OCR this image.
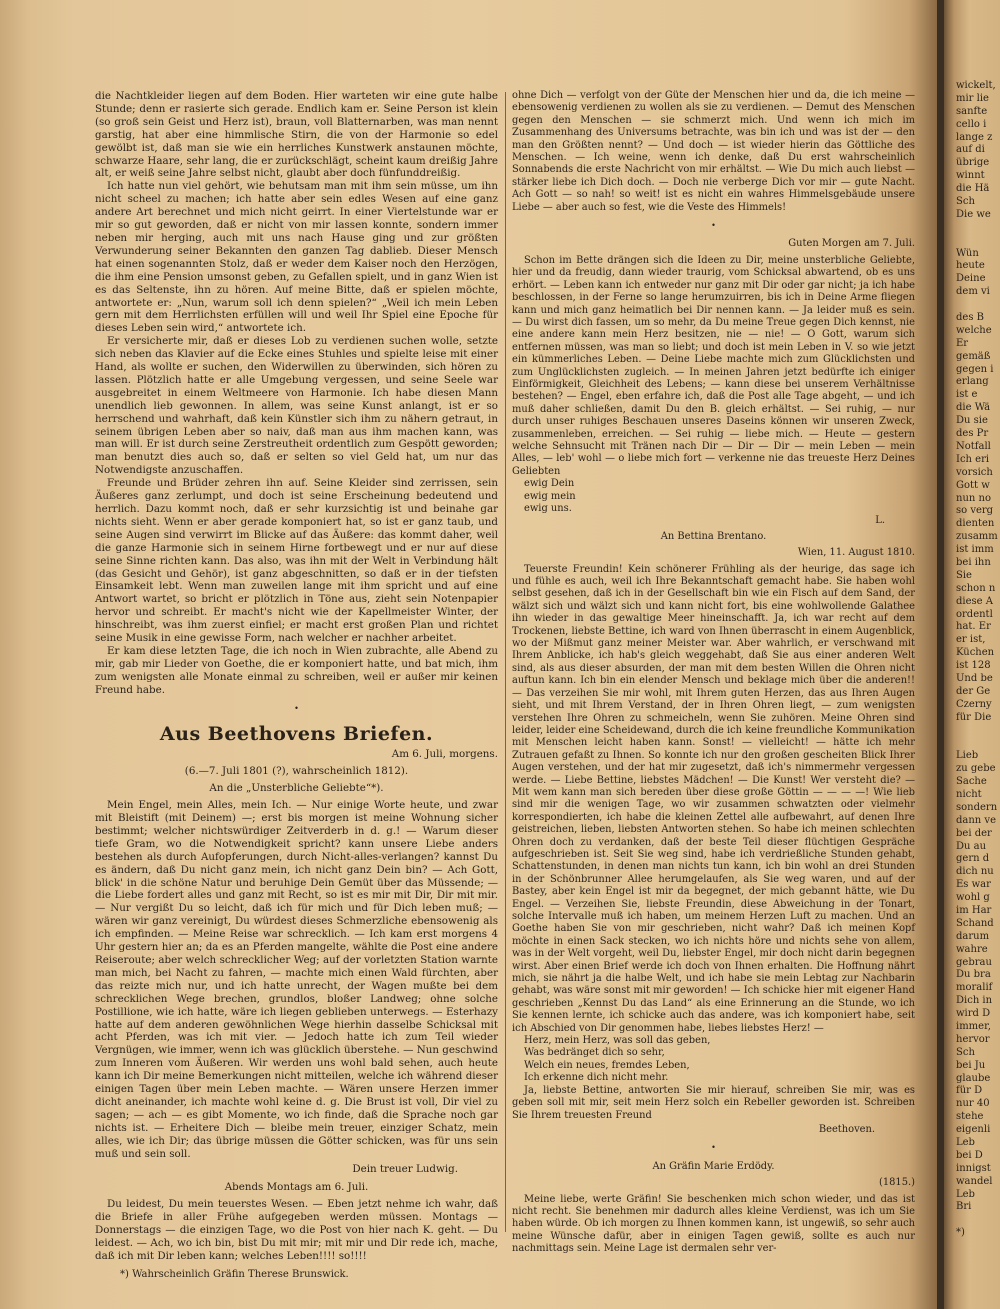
die Nachtkleider liegen auf dem Boden. Hier warteten wir eine gute halbe Stunde; denn er rasierte sich gerade. Endlich kam er. Seine Person ist klein (so groß sein Geist und Herz ist), braun, voll Blatternarben, was man nennt garstig, hat aber eine himmlische Stirn, die von der Harmonie so edel gewölbt ist, daß man sie wie ein herrliches Kunstwerk anstaunen möchte, schwarze Haare, sehr lang, die er zurückschlägt, scheint kaum dreißig Jahre alt, er weiß seine Jahre selbst nicht, glaubt aber doch fünfunddreißig.

Ich hatte nun viel gehört, wie behutsam man mit ihm sein müsse, um ihn nicht scheel zu machen; ich hatte aber sein edles Wesen auf eine ganz andere Art berechnet und mich nicht geirrt. In einer Viertelstunde war er mir so gut geworden, daß er nicht von mir lassen konnte, sondern immer neben mir herging, auch mit uns nach Hause ging und zur größten Verwunderung seiner Bekannten den ganzen Tag dablieb. Dieser Mensch hat einen sogenannten Stolz, daß er weder dem Kaiser noch den Herzögen, die ihm eine Pension umsonst geben, zu Gefallen spielt, und in ganz Wien ist es das Seltenste, ihn zu hören. Auf meine Bitte, daß er spielen möchte, antwortete er: „Nun, warum soll ich denn spielen?“ „Weil ich mein Leben gern mit dem Herrlichsten erfüllen will und weil Ihr Spiel eine Epoche für dieses Leben sein wird,“ antwortete ich.

Er versicherte mir, daß er dieses Lob zu verdienen suchen wolle, setzte sich neben das Klavier auf die Ecke eines Stuhles und spielte leise mit einer Hand, als wollte er suchen, den Widerwillen zu überwinden, sich hören zu lassen. Plötzlich hatte er alle Umgebung vergessen, und seine Seele war ausgebreitet in einem Weltmeere von Harmonie. Ich habe diesen Mann unendlich lieb gewonnen. In allem, was seine Kunst anlangt, ist er so herrschend und wahrhaft, daß kein Künstler sich ihm zu nähern getraut, in seinem übrigen Leben aber so naiv, daß man aus ihm machen kann, was man will. Er ist durch seine Zerstreutheit ordentlich zum Gespött geworden; man benutzt dies auch so, daß er selten so viel Geld hat, um nur das Notwendigste anzuschaffen.

Freunde und Brüder zehren ihn auf. Seine Kleider sind zerrissen, sein Äußeres ganz zerlumpt, und doch ist seine Erscheinung bedeutend und herrlich. Dazu kommt noch, daß er sehr kurzsichtig ist und beinahe gar nichts sieht. Wenn er aber gerade komponiert hat, so ist er ganz taub, und seine Augen sind verwirrt im Blicke auf das Äußere: das kommt daher, weil die ganze Harmonie sich in seinem Hirne fortbewegt und er nur auf diese seine Sinne richten kann. Das also, was ihn mit der Welt in Verbindung hält (das Gesicht und Gehör), ist ganz abgeschnitten, so daß er in der tiefsten Einsamkeit lebt. Wenn man zuweilen lange mit ihm spricht und auf eine Antwort wartet, so bricht er plötzlich in Töne aus, zieht sein Notenpapier hervor und schreibt. Er macht's nicht wie der Kapellmeister Winter, der hinschreibt, was ihm zuerst einfiel; er macht erst großen Plan und richtet seine Musik in eine gewisse Form, nach welcher er nachher arbeitet.

Er kam diese letzten Tage, die ich noch in Wien zubrachte, alle Abend zu mir, gab mir Lieder von Goethe, die er komponiert hatte, und bat mich, ihm zum wenigsten alle Monate einmal zu schreiben, weil er außer mir keinen Freund habe.

•
Aus Beethovens Briefen.
Am 6. Juli, morgens.
(6.—7. Juli 1801 (?), wahrscheinlich 1812).
An die „Unsterbliche Geliebte“*).

Mein Engel, mein Alles, mein Ich. — Nur einige Worte heute, und zwar mit Bleistift (mit Deinem) —; erst bis morgen ist meine Wohnung sicher bestimmt; welcher nichtswürdiger Zeitverderb in d. g.! — Warum dieser tiefe Gram, wo die Notwendigkeit spricht? kann unsere Liebe anders bestehen als durch Aufopferungen, durch Nicht-alles-verlangen? kannst Du es ändern, daß Du nicht ganz mein, ich nicht ganz Dein bin? — Ach Gott, blick' in die schöne Natur und beruhige Dein Gemüt über das Müssende; — die Liebe fordert alles und ganz mit Recht, so ist es mir mit Dir, Dir mit mir. — Nur vergißt Du so leicht, daß ich für mich und für Dich leben muß; — wären wir ganz vereinigt, Du würdest dieses Schmerzliche ebensowenig als ich empfinden. — Meine Reise war schrecklich. — Ich kam erst morgens 4 Uhr gestern hier an; da es an Pferden mangelte, wählte die Post eine andere Reiseroute; aber welch schrecklicher Weg; auf der vorletzten Station warnte man mich, bei Nacht zu fahren, — machte mich einen Wald fürchten, aber das reizte mich nur, und ich hatte unrecht, der Wagen mußte bei dem schrecklichen Wege brechen, grundlos, bloßer Landweg; ohne solche Postillione, wie ich hatte, wäre ich liegen geblieben unterwegs. — Esterhazy hatte auf dem anderen gewöhnlichen Wege hierhin dasselbe Schicksal mit acht Pferden, was ich mit vier. — Jedoch hatte ich zum Teil wieder Vergnügen, wie immer, wenn ich was glücklich überstehe. — Nun geschwind zum Inneren vom Äußeren. Wir werden uns wohl bald sehen, auch heute kann ich Dir meine Bemerkungen nicht mitteilen, welche ich während dieser einigen Tagen über mein Leben machte. — Wären unsere Herzen immer dicht aneinander, ich machte wohl keine d. g. Die Brust ist voll, Dir viel zu sagen; — ach — es gibt Momente, wo ich finde, daß die Sprache noch gar nichts ist. — Erheitere Dich — bleibe mein treuer, einziger Schatz, mein alles, wie ich Dir; das übrige müssen die Götter schicken, was für uns sein muß und sein soll.

Dein treuer Ludwig.
Abends Montags am 6. Juli.

Du leidest, Du mein teuerstes Wesen. — Eben jetzt nehme ich wahr, daß die Briefe in aller Frühe aufgegeben werden müssen. Montags — Donnerstags — die einzigen Tage, wo die Post von hier nach K. geht. — Du leidest. — Ach, wo ich bin, bist Du mit mir; mit mir und Dir rede ich, mache, daß ich mit Dir leben kann; welches Leben!!!! so!!!!

*) Wahrscheinlich Gräfin Therese Brunswick.

ohne Dich — verfolgt von der Güte der Menschen hier und da, die ich meine — ebensowenig verdienen zu wollen als sie zu verdienen. — Demut des Menschen gegen den Menschen — sie schmerzt mich. Und wenn ich mich im Zusammenhang des Universums betrachte, was bin ich und was ist der — den man den Größten nennt? — Und doch — ist wieder hierin das Göttliche des Menschen. — Ich weine, wenn ich denke, daß Du erst wahrscheinlich Sonnabends die erste Nachricht von mir erhältst. — Wie Du mich auch liebst — stärker liebe ich Dich doch. — Doch nie verberge Dich vor mir — gute Nacht. Ach Gott — so nah! so weit! ist es nicht ein wahres Himmelsgebäude unsere Liebe — aber auch so fest, wie die Veste des Himmels!

•
Guten Morgen am 7. Juli.

Schon im Bette drängen sich die Ideen zu Dir, meine unsterbliche Geliebte, hier und da freudig, dann wieder traurig, vom Schicksal abwartend, ob es uns erhört. — Leben kann ich entweder nur ganz mit Dir oder gar nicht; ja ich habe beschlossen, in der Ferne so lange herumzuirren, bis ich in Deine Arme fliegen kann und mich ganz heimatlich bei Dir nennen kann. — Ja leider muß es sein. — Du wirst dich fassen, um so mehr, da Du meine Treue gegen Dich kennst, nie eine andere kann mein Herz besitzen, nie — nie! — O Gott, warum sich entfernen müssen, was man so liebt; und doch ist mein Leben in V. so wie jetzt ein kümmerliches Leben. — Deine Liebe machte mich zum Glücklichsten und zum Unglücklichsten zugleich. — In meinen Jahren jetzt bedürfte ich einiger Einförmigkeit, Gleichheit des Lebens; — kann diese bei unserem Verhältnisse bestehen? — Engel, eben erfahre ich, daß die Post alle Tage abgeht, — und ich muß daher schließen, damit Du den B. gleich erhältst. — Sei ruhig, — nur durch unser ruhiges Beschauen unseres Daseins können wir unseren Zweck, zusammenleben, erreichen. — Sei ruhig — liebe mich. — Heute — gestern welche Sehnsucht mit Tränen nach Dir — Dir — Dir — mein Leben — mein Alles, — leb' wohl — o liebe mich fort — verkenne nie das treueste Herz Deines Geliebten

ewig Dein

ewig mein

ewig uns.

L.
An Bettina Brentano.
Wien, 11. August 1810.

Teuerste Freundin! Kein schönerer Frühling als der heurige, das sage ich und fühle es auch, weil ich Ihre Bekanntschaft gemacht habe. Sie haben wohl selbst gesehen, daß ich in der Gesellschaft bin wie ein Fisch auf dem Sand, der wälzt sich und wälzt sich und kann nicht fort, bis eine wohlwollende Galathee ihn wieder in das gewaltige Meer hineinschafft. Ja, ich war recht auf dem Trockenen, liebste Bettine, ich ward von Ihnen überrascht in einem Augenblick, wo der Mißmut ganz meiner Meister war. Aber wahrlich, er verschwand mit Ihrem Anblicke, ich hab's gleich weggehabt, daß Sie aus einer anderen Welt sind, als aus dieser absurden, der man mit dem besten Willen die Ohren nicht auftun kann. Ich bin ein elender Mensch und beklage mich über die anderen!! — Das verzeihen Sie mir wohl, mit Ihrem guten Herzen, das aus Ihren Augen sieht, und mit Ihrem Verstand, der in Ihren Ohren liegt, — zum wenigsten verstehen Ihre Ohren zu schmeicheln, wenn Sie zuhören. Meine Ohren sind leider, leider eine Scheidewand, durch die ich keine freundliche Kommunikation mit Menschen leicht haben kann. Sonst! — vielleicht! — hätte ich mehr Zutrauen gefaßt zu Ihnen. So konnte ich nur den großen gescheiten Blick Ihrer Augen verstehen, und der hat mir zugesetzt, daß ich's nimmermehr vergessen werde. — Liebe Bettine, liebstes Mädchen! — Die Kunst! Wer versteht die? — Mit wem kann man sich bereden über diese große Göttin — — — —! Wie lieb sind mir die wenigen Tage, wo wir zusammen schwatzten oder vielmehr korrespondierten, ich habe die kleinen Zettel alle aufbewahrt, auf denen Ihre geistreichen, lieben, liebsten Antworten stehen. So habe ich meinen schlechten Ohren doch zu verdanken, daß der beste Teil dieser flüchtigen Gespräche aufgeschrieben ist. Seit Sie weg sind, habe ich verdrießliche Stunden gehabt, Schattenstunden, in denen man nichts tun kann, ich bin wohl an drei Stunden in der Schönbrunner Allee herumgelaufen, als Sie weg waren, und auf der Bastey, aber kein Engel ist mir da begegnet, der mich gebannt hätte, wie Du Engel. — Verzeihen Sie, liebste Freundin, diese Abweichung in der Tonart, solche Intervalle muß ich haben, um meinem Herzen Luft zu machen. Und an Goethe haben Sie von mir geschrieben, nicht wahr? Daß ich meinen Kopf möchte in einen Sack stecken, wo ich nichts höre und nichts sehe von allem, was in der Welt vorgeht, weil Du, liebster Engel, mir doch nicht darin begegnen wirst. Aber einen Brief werde ich doch von Ihnen erhalten. Die Hoffnung nährt mich, sie nährt ja die halbe Welt, und ich habe sie mein Lebtag zur Nachbarin gehabt, was wäre sonst mit mir geworden! — Ich schicke hier mit eigener Hand geschrieben „Kennst Du das Land“ als eine Erinnerung an die Stunde, wo ich Sie kennen lernte, ich schicke auch das andere, was ich komponiert habe, seit ich Abschied von Dir genommen habe, liebes liebstes Herz! —

Herz, mein Herz, was soll das geben,

Was bedränget dich so sehr,

Welch ein neues, fremdes Leben,

Ich erkenne dich nicht mehr.

Ja, liebste Bettine, antworten Sie mir hierauf, schreiben Sie mir, was es geben soll mit mir, seit mein Herz solch ein Rebeller geworden ist. Schreiben Sie Ihrem treuesten Freund

Beethoven.
•
An Gräfin Marie Erdödy.
(1815.)

Meine liebe, werte Gräfin! Sie beschenken mich schon wieder, und das ist nicht recht. Sie benehmen mir dadurch alles kleine Verdienst, was ich um Sie haben würde. Ob ich morgen zu Ihnen kommen kann, ist ungewiß, so sehr auch meine Wünsche dafür, aber in einigen Tagen gewiß, sollte es auch nur nachmittags sein. Meine Lage ist dermalen sehr ver-

wickelt,
mir lie
sanfte
cello i
lange z
auf di
übrige
winnt
die Hä
Sch
Die we
Wün
heute
Deine
dem vi
des B
welche
Er
gemäß
gegen i
erlang
ist e
die Wä
Du sie
des Pr
Notfall
Ich eri
vorsich
Gott w
nun no
so verg
dienten
zusamm
ist imm
bei ihn
Sie
schon n
diese A
ordentl
hat. Er
er ist,
Küchen
ist 128
Und be
der Ge
Czerny
für Die
Lieb
zu gebe
Sache
nicht
sondern
dann ve
bei der
Du au
gern d
dich nu
Es war
wohl g
im Har
Schand
darum
wahre
gebrau
Du bra
moralif
Dich in
wird D
immer,
hervor
Sch
bei Ju
glaube
für D
nur 40
stehe
eigenli
Leb
bei D
innigst
wandel
Leb
Bri
*)
